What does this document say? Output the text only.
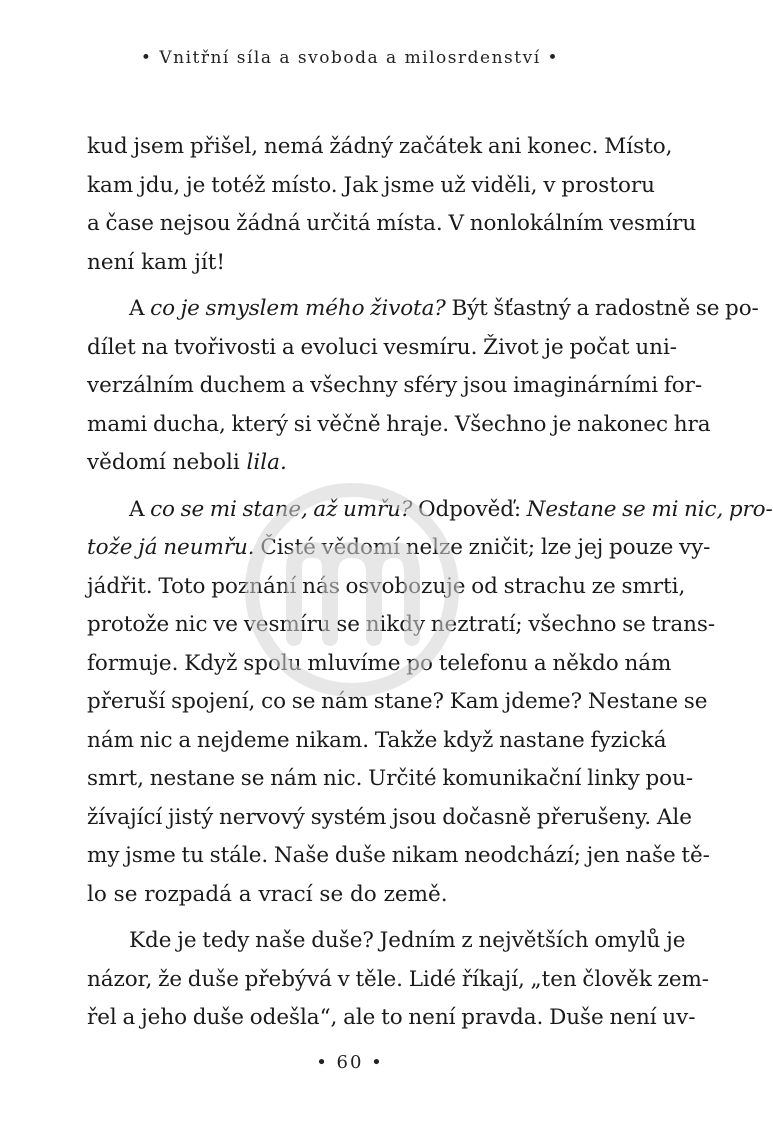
• Vnitřní síla a svoboda a milosrdenství •

kud jsem přišel, nemá žádný začátek ani konec. Místo,
kam jdu, je totéž místo. Jak jsme už viděli, v prostoru
a čase nejsou žádná určitá místa. V nonlokálním vesmíru
není kam jít!

A co je smyslem mého života? Být šťastný a radostně se po-
dílet na tvořivosti a evoluci vesmíru. Život je počat uni-
verzálním duchem a všechny sféry jsou imaginárními for-
mami ducha, který si věčně hraje. Všechno je nakonec hra
vědomí neboli lila.

A co se mi stane, až umřu? Odpověď: Nestane se mi nic, pro-
tože já neumřu. Čisté vědomí nelze zničit; lze jej pouze vy-
jádřit. Toto poznání nás osvobozuje od strachu ze smrti,
protože nic ve vesmíru se nikdy neztratí; všechno se trans-
formuje. Když spolu mluvíme po telefonu a někdo nám
přeruší spojení, co se nám stane? Kam jdeme? Nestane se
nám nic a nejdeme nikam. Takže když nastane fyzická
smrt, nestane se nám nic. Určité komunikační linky pou-
žívající jistý nervový systém jsou dočasně přerušeny. Ale
my jsme tu stále. Naše duše nikam neodchází; jen naše tě-
lo se rozpadá a vrací se do země.

Kde je tedy naše duše? Jedním z největších omylů je
názor, že duše přebývá v těle. Lidé říkají, „ten člověk zem-
řel a jeho duše odešla“, ale to není pravda. Duše není uv-

• 60 •
